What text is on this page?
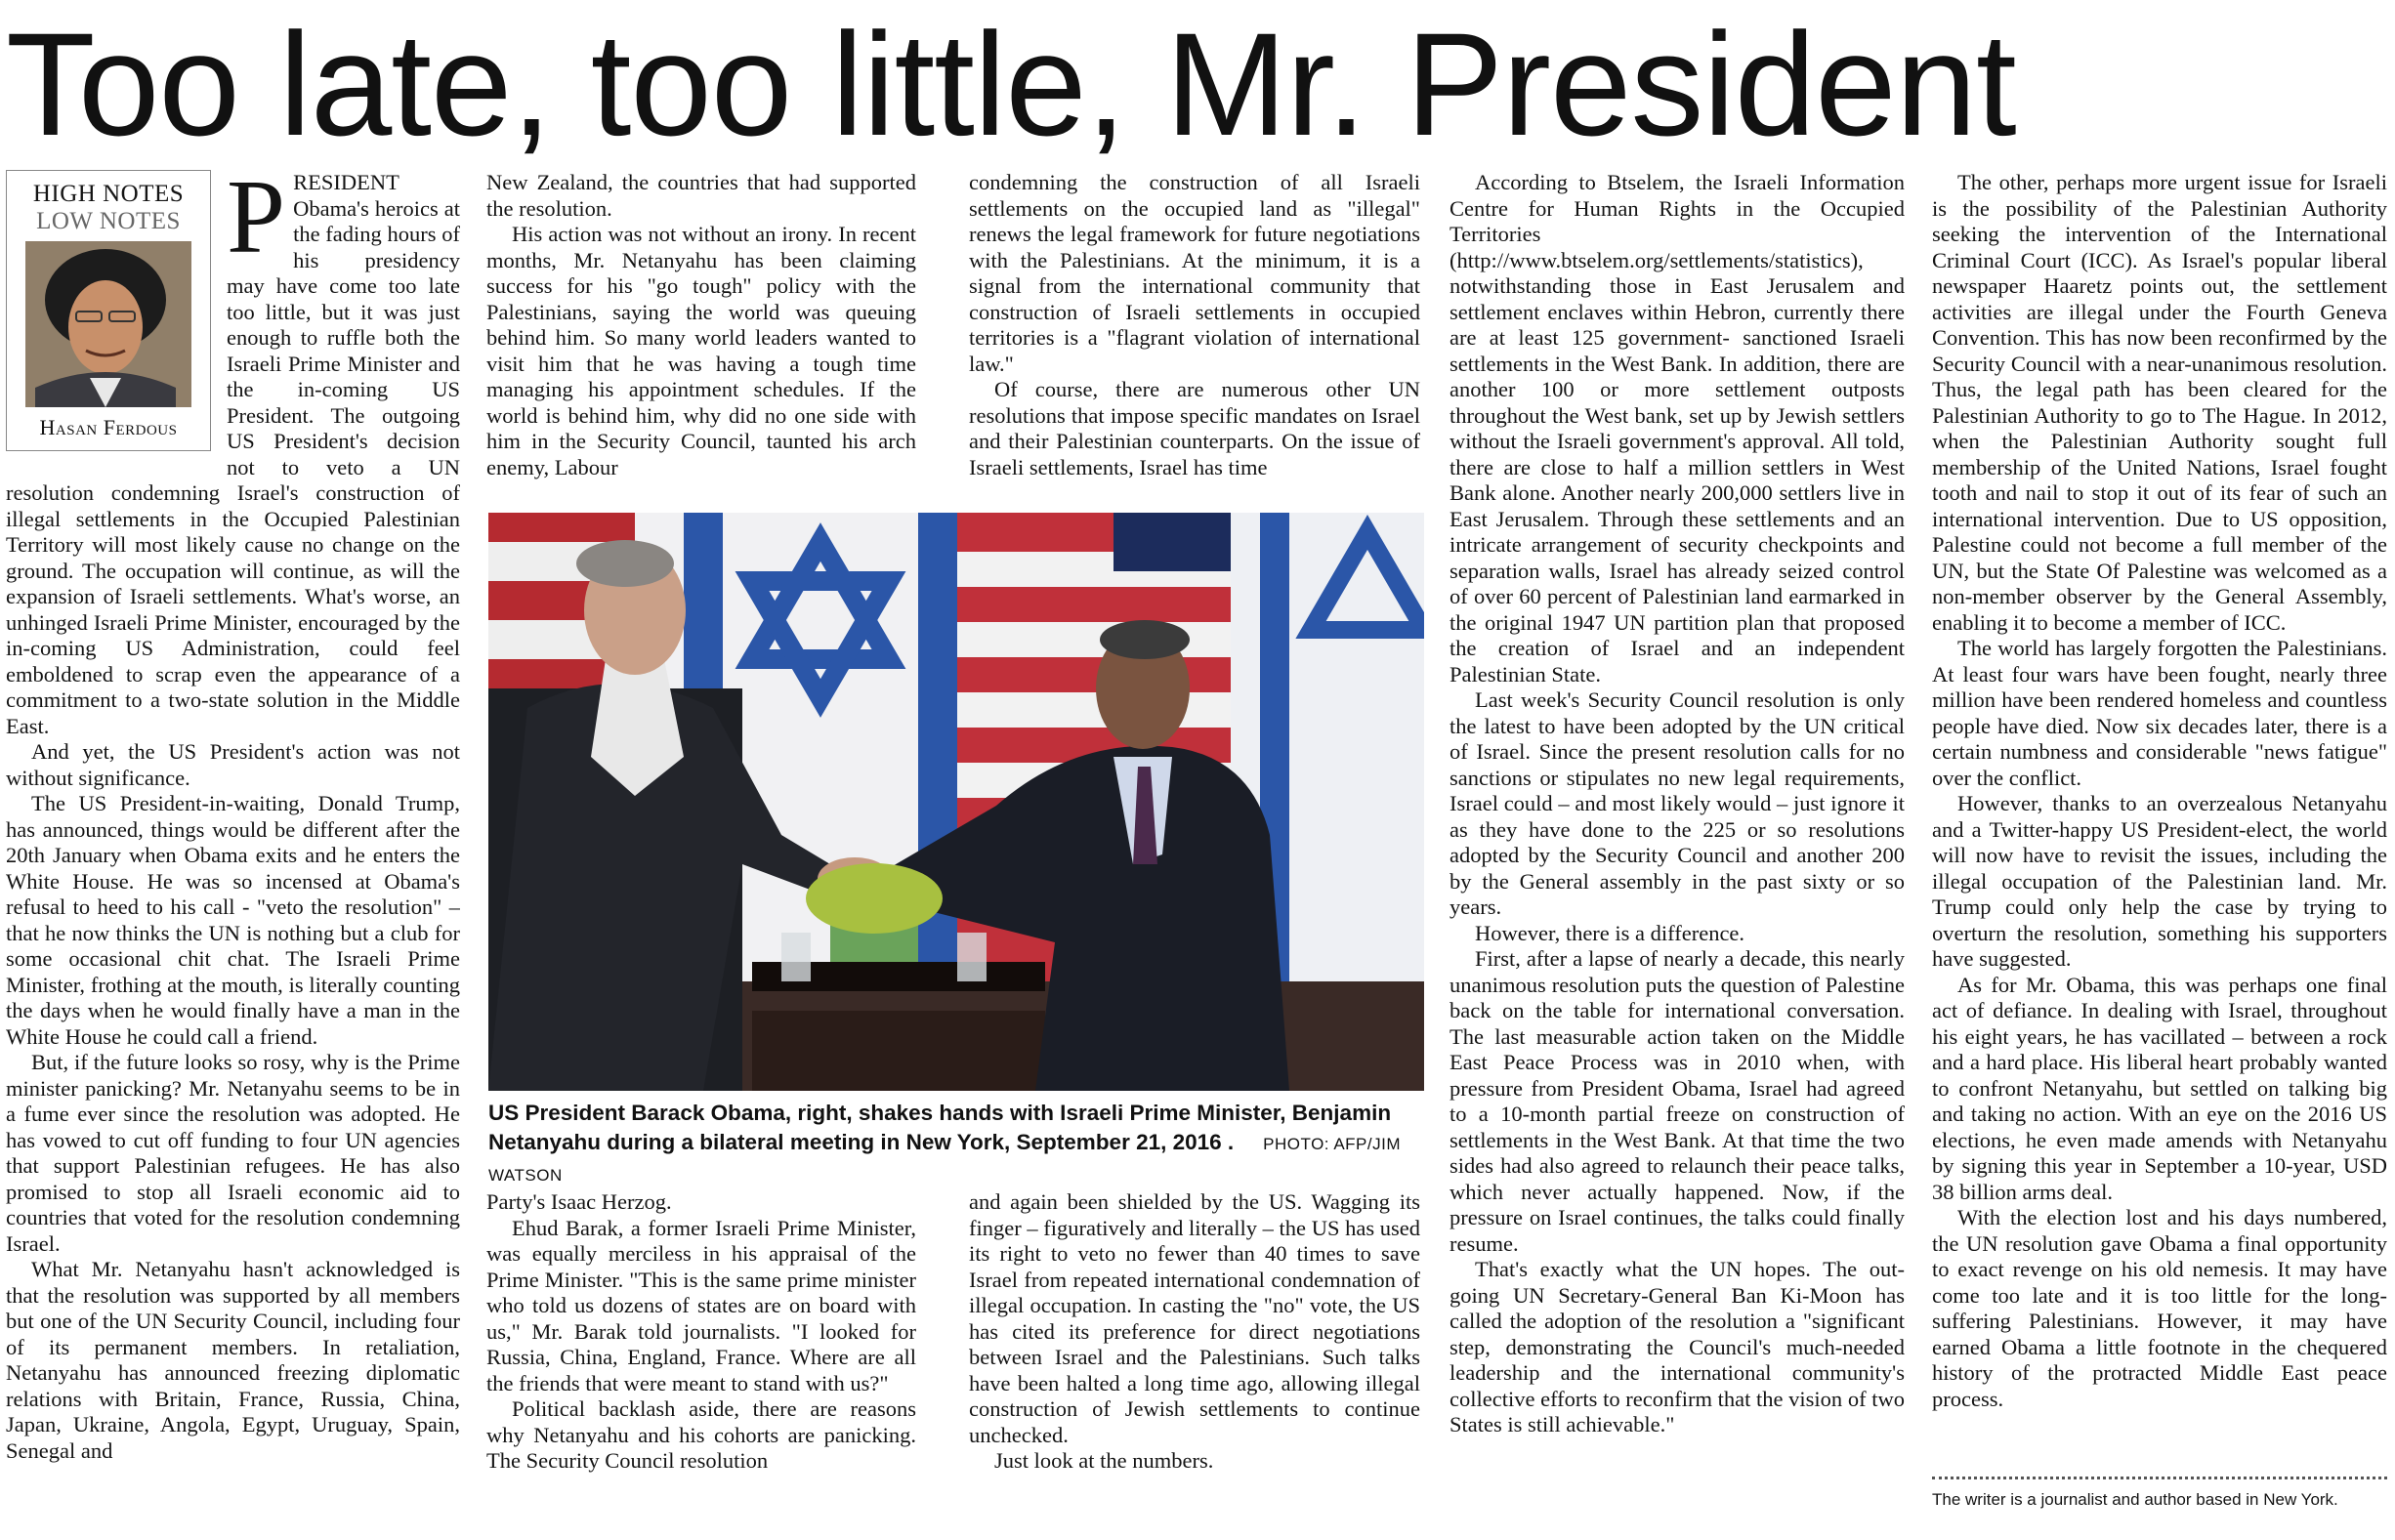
Too late, too little, Mr. President
HIGH NOTES
LOW NOTES
Hasan Ferdous

PRESIDENT Obama's heroics at the fading hours of his presidency may have come too late too little, but it was just enough to ruffle both the Israeli Prime Minister and the in-coming US President. The outgoing US President's decision not to veto a UN resolution condemning Israel's construction of illegal settlements in the Occupied Palestinian Territory will most likely cause no change on the ground. The occupation will continue, as will the expansion of Israeli settlements. What's worse, an unhinged Israeli Prime Minister, encouraged by the in-coming US Administration, could feel emboldened to scrap even the appearance of a commitment to a two-state solution in the Middle East.

And yet, the US President's action was not without significance.

The US President-in-waiting, Donald Trump, has announced, things would be different after the 20th January when Obama exits and he enters the White House. He was so incensed at Obama's refusal to heed to his call - "veto the resolution" – that he now thinks the UN is nothing but a club for some occasional chit chat. The Israeli Prime Minister, frothing at the mouth, is literally counting the days when he would finally have a man in the White House he could call a friend.

But, if the future looks so rosy, why is the Prime minister panicking? Mr. Netanyahu seems to be in a fume ever since the resolution was adopted. He has vowed to cut off funding to four UN agencies that support Palestinian refugees. He has also promised to stop all Israeli economic aid to countries that voted for the resolution condemning Israel.

What Mr. Netanyahu hasn't acknowledged is that the resolution was supported by all members but one of the UN Security Council, including four of its permanent members. In retaliation, Netanyahu has announced freezing diplomatic relations with Britain, France, Russia, China, Japan, Ukraine, Angola, Egypt, Uruguay, Spain, Senegal and

New Zealand, the countries that had supported the resolution.

His action was not without an irony. In recent months, Mr. Netanyahu has been claiming success for his "go tough" policy with the Palestinians, saying the world was queuing behind him. So many world leaders wanted to visit him that he was having a tough time managing his appointment schedules. If the world is behind him, why did no one side with him in the Security Council, taunted his arch enemy, Labour

condemning the construction of all Israeli settlements on the occupied land as "illegal" renews the legal framework for future negotiations with the Palestinians. At the minimum, it is a signal from the international community that construction of Israeli settlements in occupied territories is a "flagrant violation of international law."

Of course, there are numerous other UN resolutions that impose specific mandates on Israel and their Palestinian counterparts. On the issue of Israeli settlements, Israel has time

US President Barack Obama, right, shakes hands with Israeli Prime Minister, Benjamin Netanyahu during a bilateral meeting in New York, September 21, 2016 . PHOTO: AFP/JIM WATSON

Party's Isaac Herzog.

Ehud Barak, a former Israeli Prime Minister, was equally merciless in his appraisal of the Prime Minister. "This is the same prime minister who told us dozens of states are on board with us," Mr. Barak told journalists. "I looked for Russia, China, England, France. Where are all the friends that were meant to stand with us?"

Political backlash aside, there are reasons why Netanyahu and his cohorts are panicking. The Security Council resolution

and again been shielded by the US. Wagging its finger – figuratively and literally – the US has used its right to veto no fewer than 40 times to save Israel from repeated international condemnation of illegal occupation. In casting the "no" vote, the US has cited its preference for direct negotiations between Israel and the Palestinians. Such talks have been halted a long time ago, allowing illegal construction of Jewish settlements to continue unchecked.

Just look at the numbers.

According to Btselem, the Israeli Information Centre for Human Rights in the Occupied Territories (http://www.btselem.org/settlements/statistics), notwithstanding those in East Jerusalem and settlement enclaves within Hebron, currently there are at least 125 government- sanctioned Israeli settlements in the West Bank. In addition, there are another 100 or more settlement outposts throughout the West bank, set up by Jewish settlers without the Israeli government's approval. All told, there are close to half a million settlers in West Bank alone. Another nearly 200,000 settlers live in East Jerusalem. Through these settlements and an intricate arrangement of security checkpoints and separation walls, Israel has already seized control of over 60 percent of Palestinian land earmarked in the original 1947 UN partition plan that proposed the creation of Israel and an independent Palestinian State.

Last week's Security Council resolution is only the latest to have been adopted by the UN critical of Israel. Since the present resolution calls for no sanctions or stipulates no new legal requirements, Israel could – and most likely would – just ignore it as they have done to the 225 or so resolutions adopted by the Security Council and another 200 by the General assembly in the past sixty or so years.

However, there is a difference.

First, after a lapse of nearly a decade, this nearly unanimous resolution puts the question of Palestine back on the table for international conversation. The last measurable action taken on the Middle East Peace Process was in 2010 when, with pressure from President Obama, Israel had agreed to a 10-month partial freeze on construction of settlements in the West Bank. At that time the two sides had also agreed to relaunch their peace talks, which never actually happened. Now, if the pressure on Israel continues, the talks could finally resume.

That's exactly what the UN hopes. The out-going UN Secretary-General Ban Ki-Moon has called the adoption of the resolution a "significant step, demonstrating the Council's much-needed leadership and the international community's collective efforts to reconfirm that the vision of two States is still achievable."

The other, perhaps more urgent issue for Israeli is the possibility of the Palestinian Authority seeking the intervention of the International Criminal Court (ICC). As Israel's popular liberal newspaper Haaretz points out, the settlement activities are illegal under the Fourth Geneva Convention. This has now been reconfirmed by the Security Council with a near-unanimous resolution. Thus, the legal path has been cleared for the Palestinian Authority to go to The Hague. In 2012, when the Palestinian Authority sought full membership of the United Nations, Israel fought tooth and nail to stop it out of its fear of such an international intervention. Due to US opposition, Palestine could not become a full member of the UN, but the State Of Palestine was welcomed as a non-member observer by the General Assembly, enabling it to become a member of ICC.

The world has largely forgotten the Palestinians. At least four wars have been fought, nearly three million have been rendered homeless and countless people have died. Now six decades later, there is a certain numbness and considerable "news fatigue" over the conflict.

However, thanks to an overzealous Netanyahu and a Twitter-happy US President-elect, the world will now have to revisit the issues, including the illegal occupation of the Palestinian land. Mr. Trump could only help the case by trying to overturn the resolution, something his supporters have suggested.

As for Mr. Obama, this was perhaps one final act of defiance. In dealing with Israel, throughout his eight years, he has vacillated – between a rock and a hard place. His liberal heart probably wanted to confront Netanyahu, but settled on talking big and taking no action. With an eye on the 2016 US elections, he even made amends with Netanyahu by signing this year in September a 10-year, USD 38 billion arms deal.

With the election lost and his days numbered, the UN resolution gave Obama a final opportunity to exact revenge on his old nemesis. It may have come too late and it is too little for the long-suffering Palestinians. However, it may have earned Obama a little footnote in the chequered history of the protracted Middle East peace process.

The writer is a journalist and author based in New York.
